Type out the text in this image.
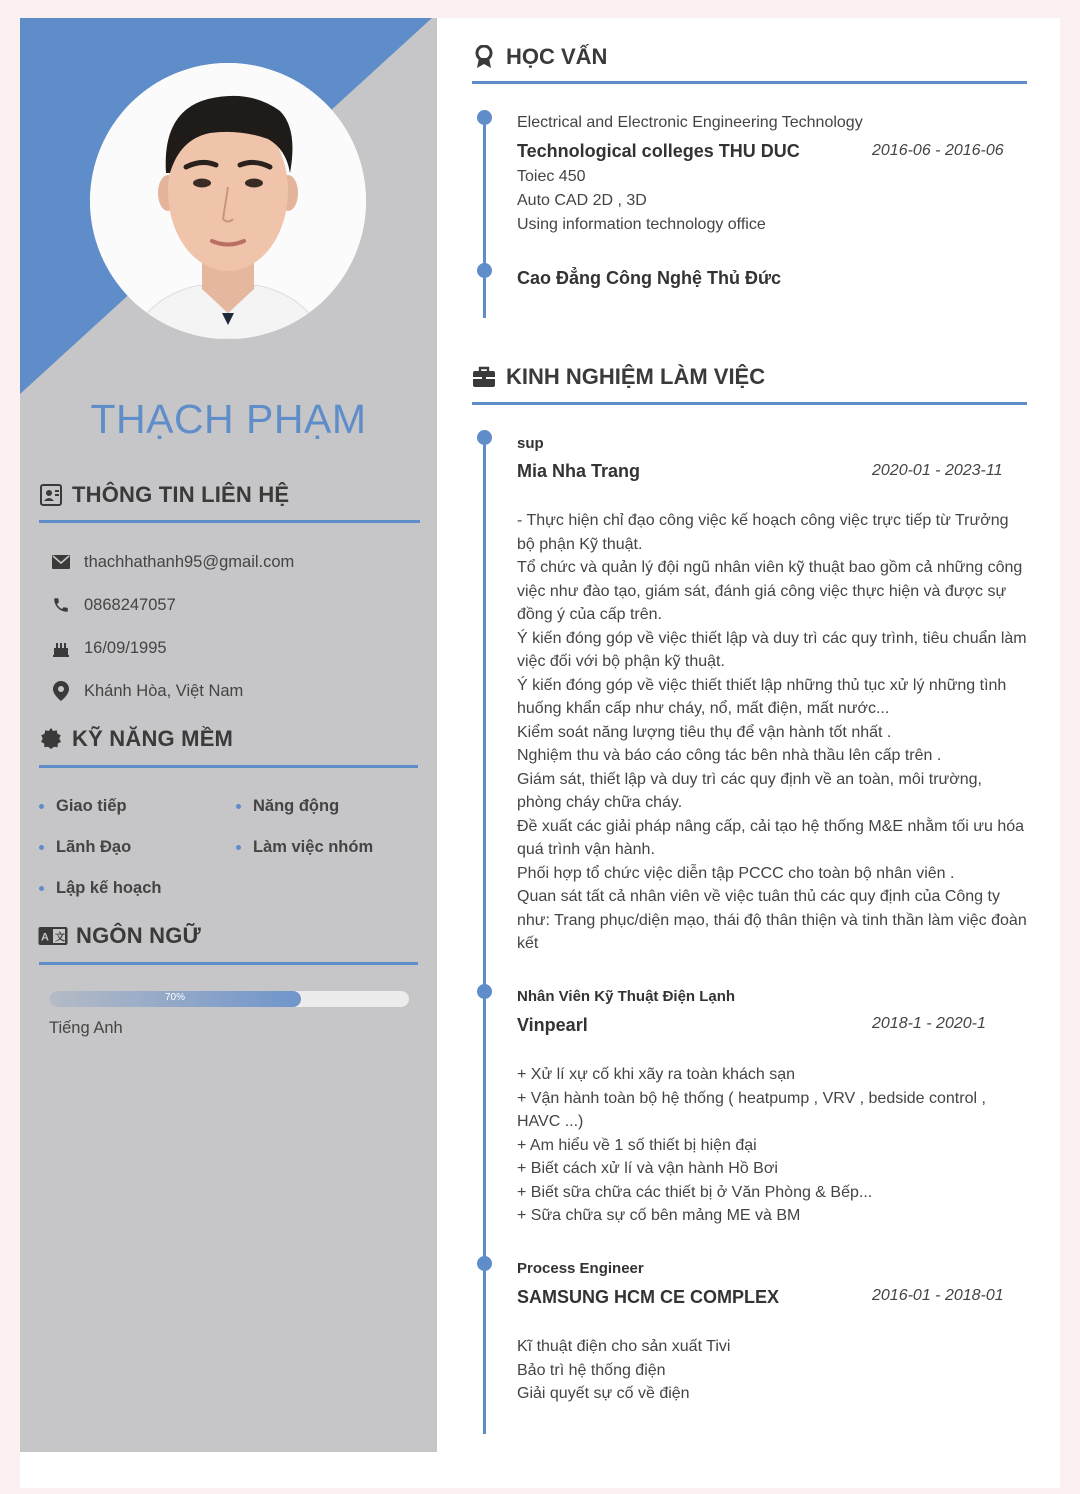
THẠCH PHẠM
THÔNG TIN LIÊN HỆ
thachhathanh95@gmail.com
0868247057
16/09/1995
Khánh Hòa, Việt Nam
KỸ NĂNG MỀM
Giao tiếp	Năng động
Lãnh Đạo	Làm việc nhóm
Lập kế hoạch
A 文 NGÔN NGỮ
70%
Tiếng Anh
HỌC VẤN
Electrical and Electronic Engineering Technology
Technological colleges THU DUC	2016-06 - 2016-06
Toiec 450
Auto CAD 2D , 3D
Using information technology office
Cao Đẳng Công Nghệ Thủ Đức
KINH NGHIỆM LÀM VIỆC
sup
Mia Nha Trang	2020-01 - 2023-11
- Thực hiện chỉ đạo công việc kế hoạch công việc trực tiếp từ Trưởng bộ phận Kỹ thuật.
Tổ chức và quản lý đội ngũ nhân viên kỹ thuật bao gồm cả những công việc như đào tạo, giám sát, đánh giá công việc thực hiện và được sự đồng ý của cấp trên.
Ý kiến đóng góp về việc thiết lập và duy trì các quy trình, tiêu chuẩn làm việc đối với bộ phận kỹ thuật.
Ý kiến đóng góp về việc thiết thiết lập những thủ tục xử lý những tình huống khẩn cấp như cháy, nổ, mất điện, mất nước...
Kiểm soát năng lượng tiêu thụ để vận hành tốt nhất .
Nghiệm thu và báo cáo công tác bên nhà thầu lên cấp trên .
Giám sát, thiết lập và duy trì các quy định về an toàn, môi trường, phòng cháy chữa cháy.
Đề xuất các giải pháp nâng cấp, cải tạo hệ thống M&E nhằm tối ưu hóa quá trình vận hành.
Phối hợp tổ chức việc diễn tập PCCC cho toàn bộ nhân viên .
Quan sát tất cả nhân viên về việc tuân thủ các quy định của Công ty như: Trang phục/diện mạo, thái độ thân thiện và tinh thần làm việc đoàn kết
Nhân Viên Kỹ Thuật Điện Lạnh
Vinpearl	2018-1 - 2020-1
+ Xử lí xự cố khi xãy ra toàn khách sạn
+ Vận hành toàn bộ hệ thống ( heatpump , VRV , bedside control , HAVC ...)
+ Am hiểu về 1 số thiết bị hiện đại
+ Biết cách xử lí và vận hành Hồ Bơi
+ Biết sữa chữa các thiết bị ở Văn Phòng & Bếp...
+ Sữa chữa sự cố bên mảng ME và BM
Process Engineer
SAMSUNG HCM CE COMPLEX	2016-01 - 2018-01
Kĩ thuật điện cho sản xuất Tivi
Bảo trì hệ thống điện
Giải quyết sự cố về điện
